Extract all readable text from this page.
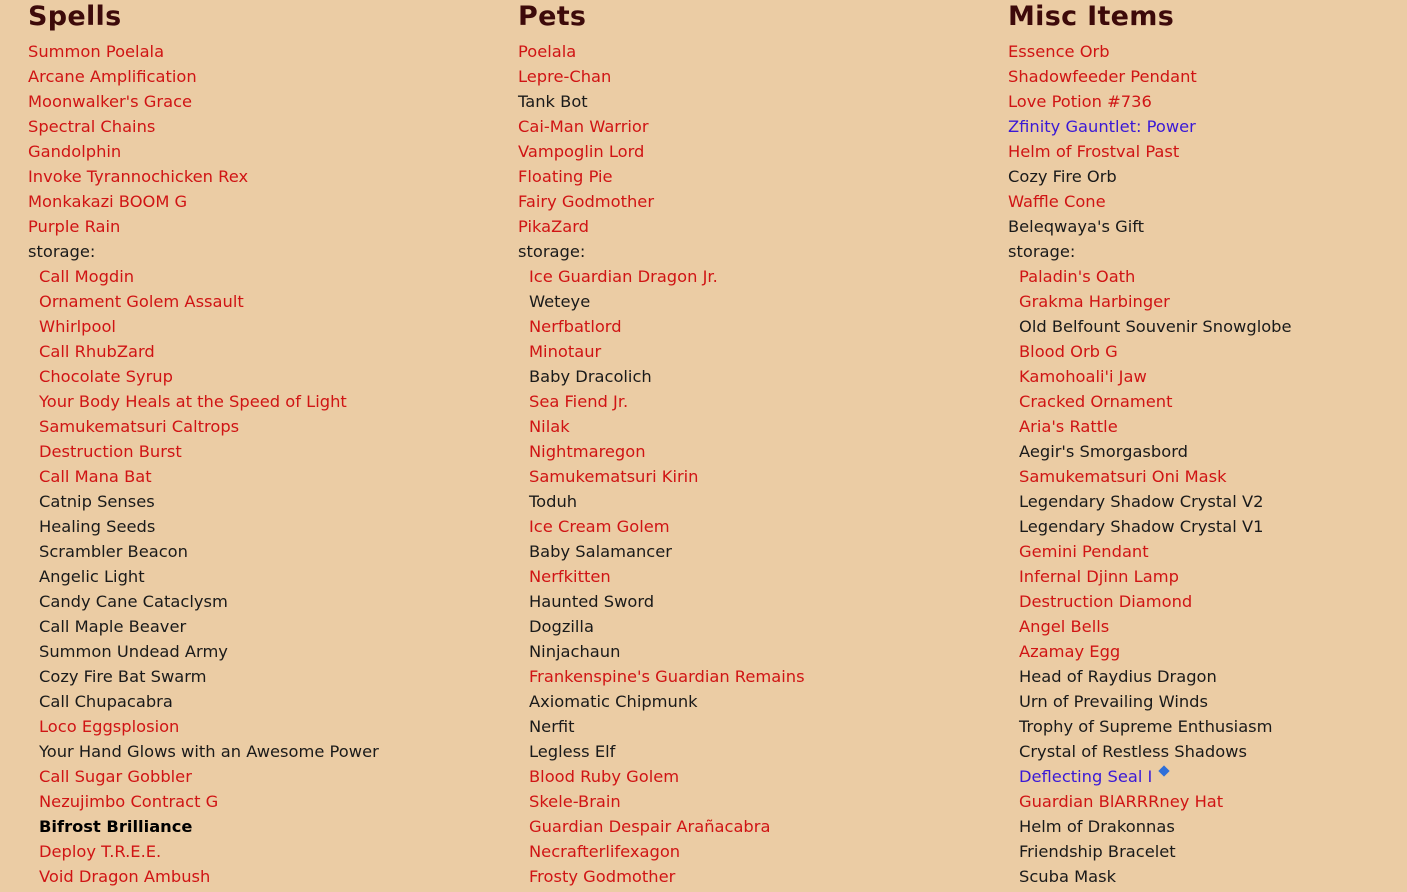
Spells
Summon Poelala
Arcane Amplification
Moonwalker's Grace
Spectral Chains
Gandolphin
Invoke Tyrannochicken Rex
Monkakazi BOOM G
Purple Rain
storage:
Call Mogdin
Ornament Golem Assault
Whirlpool
Call RhubZard
Chocolate Syrup
Your Body Heals at the Speed of Light
Samukematsuri Caltrops
Destruction Burst
Call Mana Bat
Catnip Senses
Healing Seeds
Scrambler Beacon
Angelic Light
Candy Cane Cataclysm
Call Maple Beaver
Summon Undead Army
Cozy Fire Bat Swarm
Call Chupacabra
Loco Eggsplosion
Your Hand Glows with an Awesome Power
Call Sugar Gobbler
Nezujimbo Contract G
Bifrost Brilliance
Deploy T.R.E.E.
Void Dragon Ambush
Pets
Poelala
Lepre-Chan
Tank Bot
Cai-Man Warrior
Vampoglin Lord
Floating Pie
Fairy Godmother
PikaZard
storage:
Ice Guardian Dragon Jr.
Weteye
Nerfbatlord
Minotaur
Baby Dracolich
Sea Fiend Jr.
Nilak
Nightmaregon
Samukematsuri Kirin
Toduh
Ice Cream Golem
Baby Salamancer
Nerfkitten
Haunted Sword
Dogzilla
Ninjachaun
Frankenspine's Guardian Remains
Axiomatic Chipmunk
Nerfit
Legless Elf
Blood Ruby Golem
Skele-Brain
Guardian Despair Arañacabra
Necrafterlifexagon
Frosty Godmother
Misc Items
Essence Orb
Shadowfeeder Pendant
Love Potion #736
Zfinity Gauntlet: Power
Helm of Frostval Past
Cozy Fire Orb
Waffle Cone
Beleqwaya's Gift
storage:
Paladin's Oath
Grakma Harbinger
Old Belfount Souvenir Snowglobe
Blood Orb G
Kamohoali'i Jaw
Cracked Ornament
Aria's Rattle
Aegir's Smorgasbord
Samukematsuri Oni Mask
Legendary Shadow Crystal V2
Legendary Shadow Crystal V1
Gemini Pendant
Infernal Djinn Lamp
Destruction Diamond
Angel Bells
Azamay Egg
Head of Raydius Dragon
Urn of Prevailing Winds
Trophy of Supreme Enthusiasm
Crystal of Restless Shadows
Deflecting Seal I
Guardian BlARRRney Hat
Helm of Drakonnas
Friendship Bracelet
Scuba Mask
